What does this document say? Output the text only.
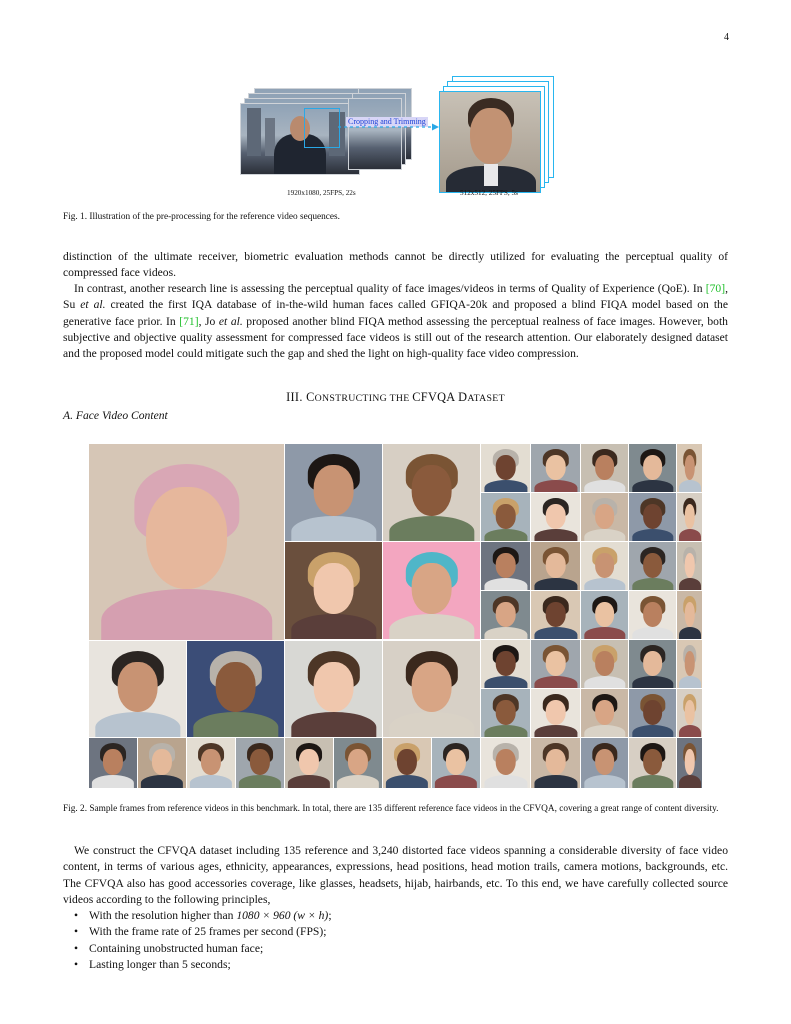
4
Cropping and Trimming
1920x1080, 25FPS, 22s	512x512, 25FPS, 5s
Fig. 1. Illustration of the pre-processing for the reference video sequences.
distinction of the ultimate receiver, biometric evaluation methods cannot be directly utilized for evaluating the perceptual quality of compressed face videos.
In contrast, another research line is assessing the perceptual quality of face images/videos in terms of Quality of Experience (QoE). In [70], Su et al. created the first IQA database of in-the-wild human faces called GFIQA-20k and proposed a blind FIQA model based on the generative face prior. In [71], Jo et al. proposed another blind FIQA method assessing the perceptual realness of face images. However, both subjective and objective quality assessment for compressed face videos is still out of the research attention. Our elaborately designed dataset and the proposed model could mitigate such the gap and shed the light on high-quality face video compression.
III. CONSTRUCTING THE CFVQA DATASET
A. Face Video Content
Fig. 2. Sample frames from reference videos in this benchmark. In total, there are 135 different reference face videos in the CFVQA, covering a great range of content diversity.
We construct the CFVQA dataset including 135 reference and 3,240 distorted face videos spanning a considerable diversity of face video content, in terms of various ages, ethnicity, appearances, expressions, head positions, head motion trails, camera motions, backgrounds, etc. The CFVQA also has good accessories coverage, like glasses, headsets, hijab, hairbands, etc. To this end, we have carefully collected source videos according to the following principles,
• With the resolution higher than 1080 × 960 (w × h);
• With the frame rate of 25 frames per second (FPS);
• Containing unobstructed human face;
• Lasting longer than 5 seconds;
